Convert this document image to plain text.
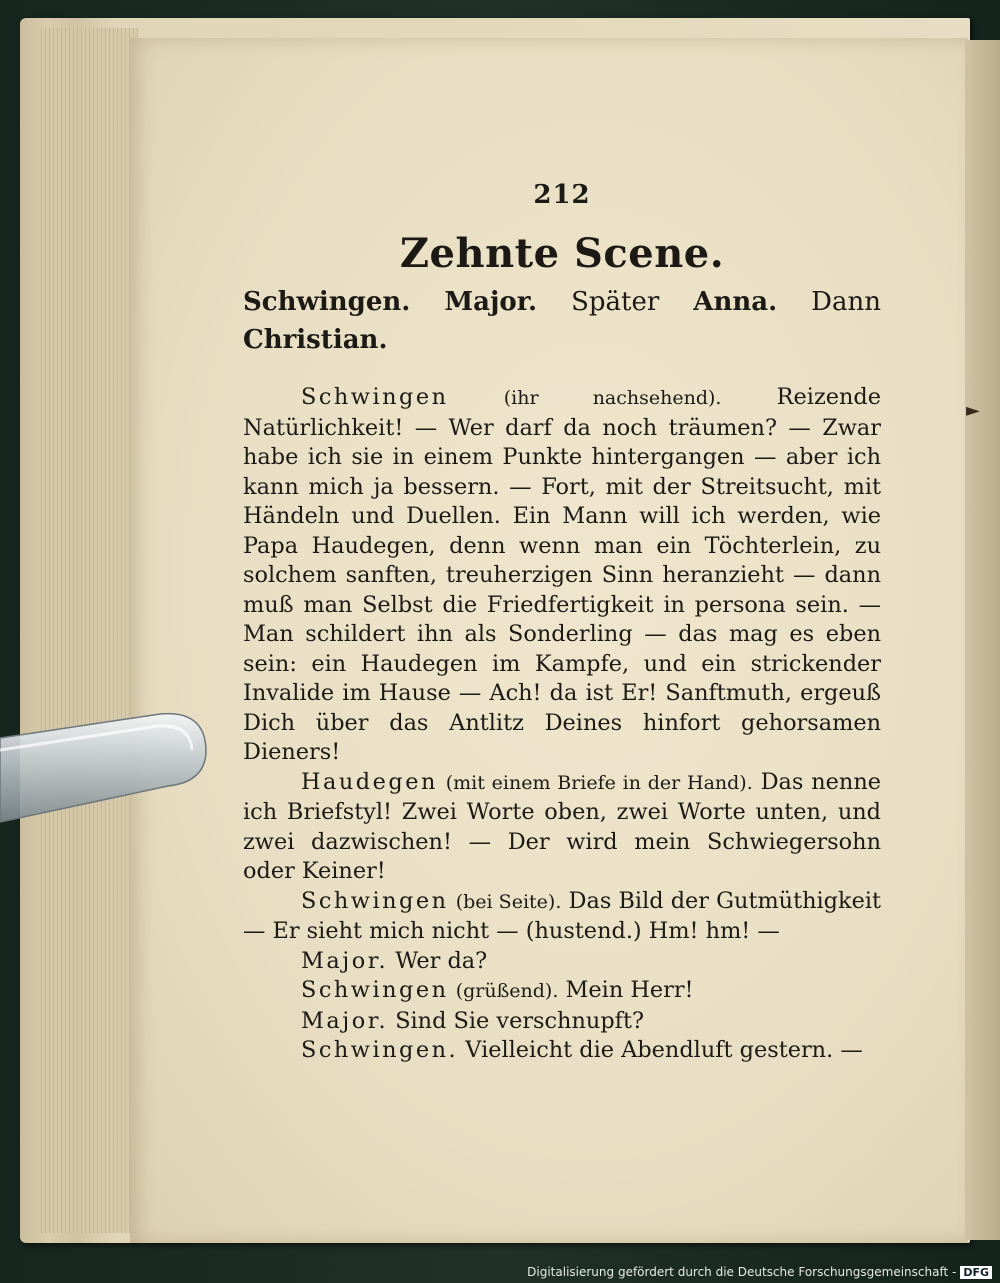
212
Zehnte Scene.
Schwingen. Major. Später Anna. Dann Christian.

Schwingen	(ihr nachsehend). Reizende Natürlichkeit! — Wer darf da noch träumen? — Zwar habe ich sie in einem Punkte hintergangen — aber ich kann mich ja bessern. — Fort, mit der Streitsucht, mit Händeln und Duellen. Ein Mann will ich werden, wie Papa Haudegen, denn wenn man ein Töchterlein, zu solchem sanften, treuherzigen Sinn heranzieht — dann muß man Selbst die Friedfertigkeit in persona sein. — Man schildert ihn als Sonderling — das mag es eben sein: ein Haudegen im Kampfe, und ein strickender Invalide im Hause — Ach! da ist Er! Sanftmuth, ergeuß Dich über das Antlitz Deines hinfort gehorsamen Dieners!

Haudegen (mit einem Briefe in der Hand). Das nenne ich Briefstyl! Zwei Worte oben, zwei Worte unten, und zwei dazwischen! — Der wird mein Schwiegersohn oder Keiner!

Schwingen (bei Seite). Das Bild der Gutmüthigkeit — Er sieht mich nicht — (hustend.) Hm! hm! —

Major. Wer da?

Schwingen (grüßend). Mein Herr!

Major. Sind Sie verschnupft?

Schwingen. Vielleicht die Abendluft gestern. —

►
Digitalisierung gefördert durch die Deutsche Forschungsgemeinschaft - DFG
